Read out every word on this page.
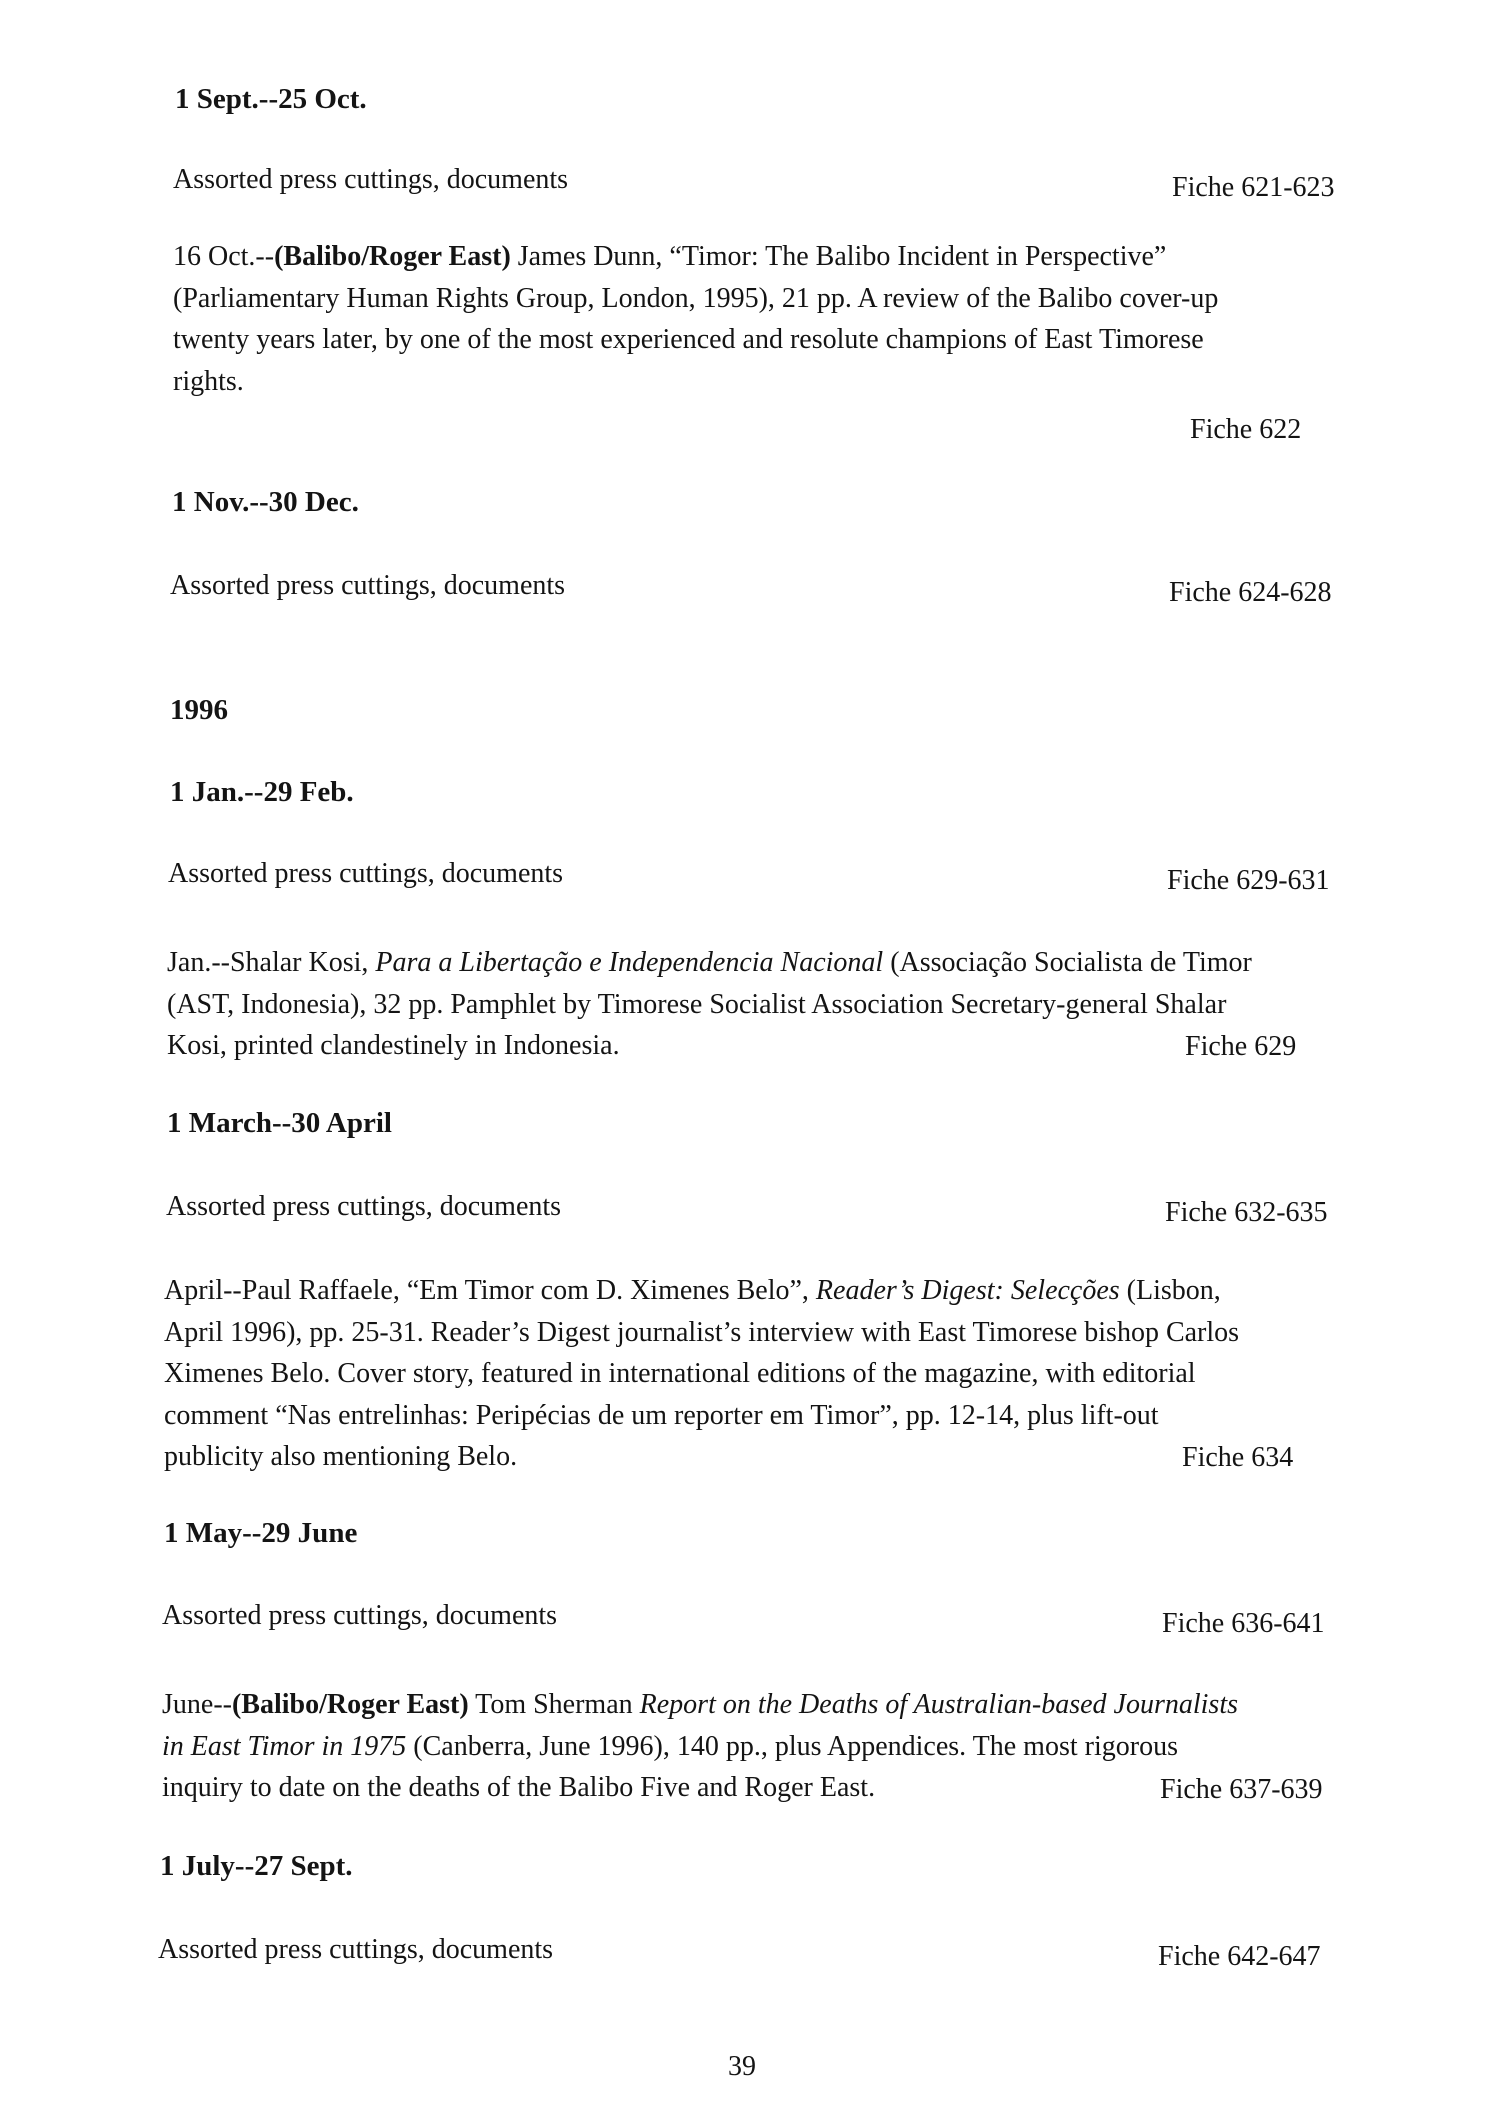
1 Sept.--25 Oct.
Assorted press cuttings, documents	Fiche 621-623
16 Oct.--(Balibo/Roger East) James Dunn, “Timor: The Balibo Incident in Perspective”
(Parliamentary Human Rights Group, London, 1995), 21 pp. A review of the Balibo cover-up
twenty years later, by one of the most experienced and resolute champions of East Timorese
rights.
Fiche 622
1 Nov.--30 Dec.
Assorted press cuttings, documents	Fiche 624-628
1996
1 Jan.--29 Feb.
Assorted press cuttings, documents	Fiche 629-631
Jan.--Shalar Kosi, Para a Libertação e Independencia Nacional (Associação Socialista de Timor
(AST, Indonesia), 32 pp. Pamphlet by Timorese Socialist Association Secretary-general Shalar
Kosi, printed clandestinely in Indonesia.	Fiche 629
1 March--30 April
Assorted press cuttings, documents	Fiche 632-635
April--Paul Raffaele, “Em Timor com D. Ximenes Belo”, Reader’s Digest: Selecções (Lisbon,
April 1996), pp. 25-31. Reader’s Digest journalist’s interview with East Timorese bishop Carlos
Ximenes Belo. Cover story, featured in international editions of the magazine, with editorial
comment “Nas entrelinhas: Peripécias de um reporter em Timor”, pp. 12-14, plus lift-out
publicity also mentioning Belo.	Fiche 634
1 May--29 June
Assorted press cuttings, documents	Fiche 636-641
June--(Balibo/Roger East) Tom Sherman Report on the Deaths of Australian-based Journalists
in East Timor in 1975 (Canberra, June 1996), 140 pp., plus Appendices. The most rigorous
inquiry to date on the deaths of the Balibo Five and Roger East.	Fiche 637-639
1 July--27 Sept.
Assorted press cuttings, documents	Fiche 642-647
39
